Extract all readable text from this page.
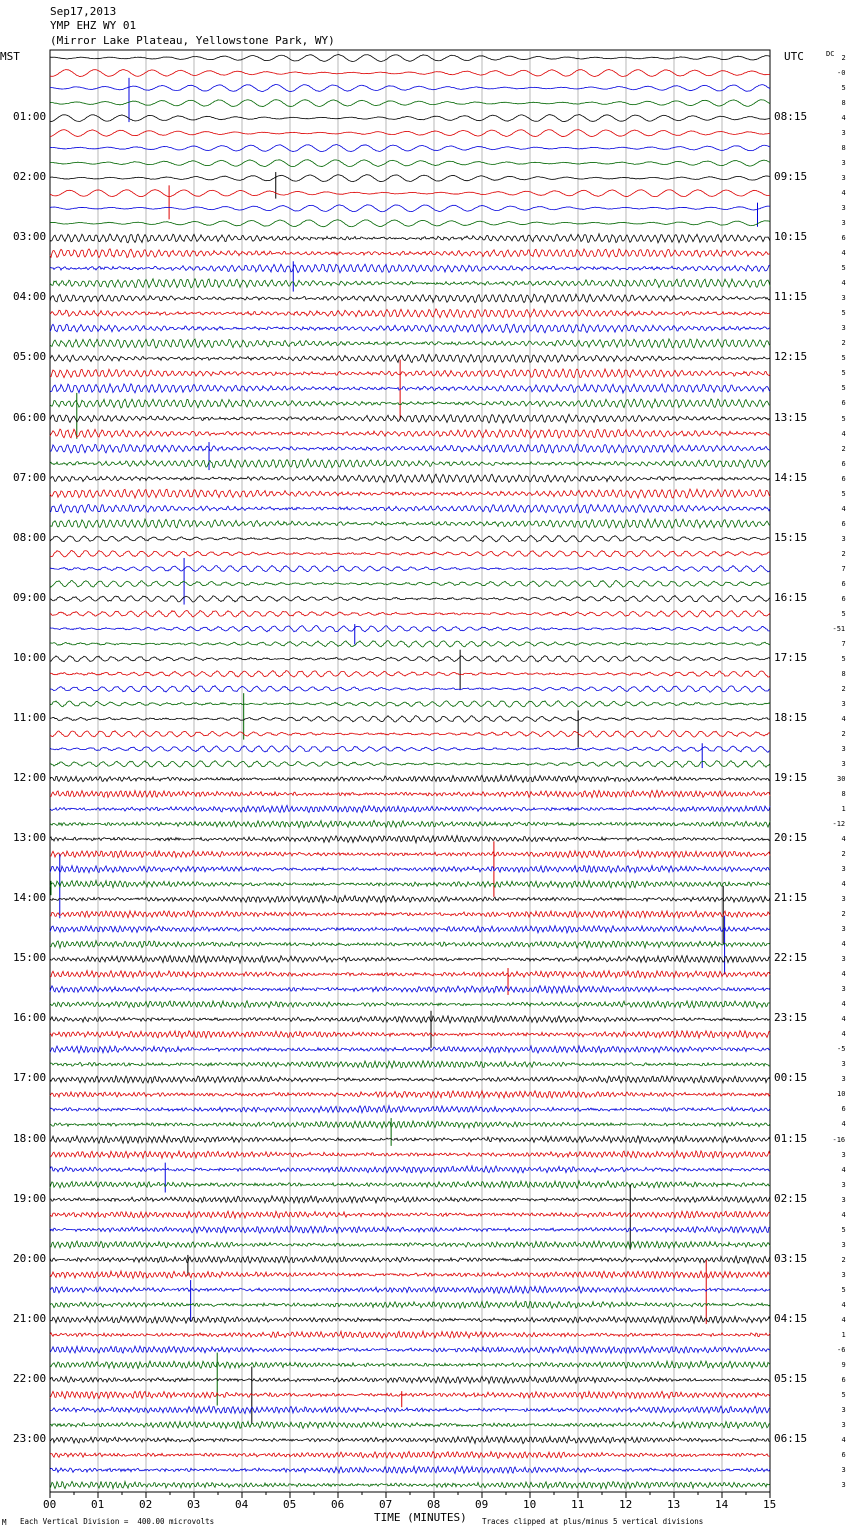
Sep17,2013
YMP EHZ WY 01
(Mirror Lake Plateau, Yellowstone Park, WY)
MST	UTC	DC
01:00
02:00
03:00
04:00
05:00
06:00
07:00
08:00
09:00
10:00
11:00
12:00
13:00
14:00
15:00
16:00
17:00
18:00
19:00
20:00
21:00
22:00
23:00
08:15
09:15
10:15
11:15
12:15
13:15
14:15
15:15
16:15
17:15
18:15
19:15
20:15
21:15
22:15
23:15
00:15
01:15
02:15
03:15
04:15
05:15
06:15
2
-0
5
8
4
3
8
3
3
4
3
3
6
4
5
4
3
5
3
2
5
5
5
6
5
4
2
6
6
5
4
6
3
2
7
6
6
5
-51
7
5
8
2
3
4
2
3
3
30
8
1
-12
4
2
3
4
3
2
3
4
3
4
3
4
4
4
-5
3
3
10
6
4
-16
3
4
3
3
4
5
3
2
3
5
4
4
1
-6
9
6
5
3
3
4
6
3
3
00	01	02	03	04	05	06	07	08	09	10	11	12	13	14	15
M Each Vertical Division =  400.00 microvolts	TIME (MINUTES) Traces clipped at plus/minus 5 vertical divisions
